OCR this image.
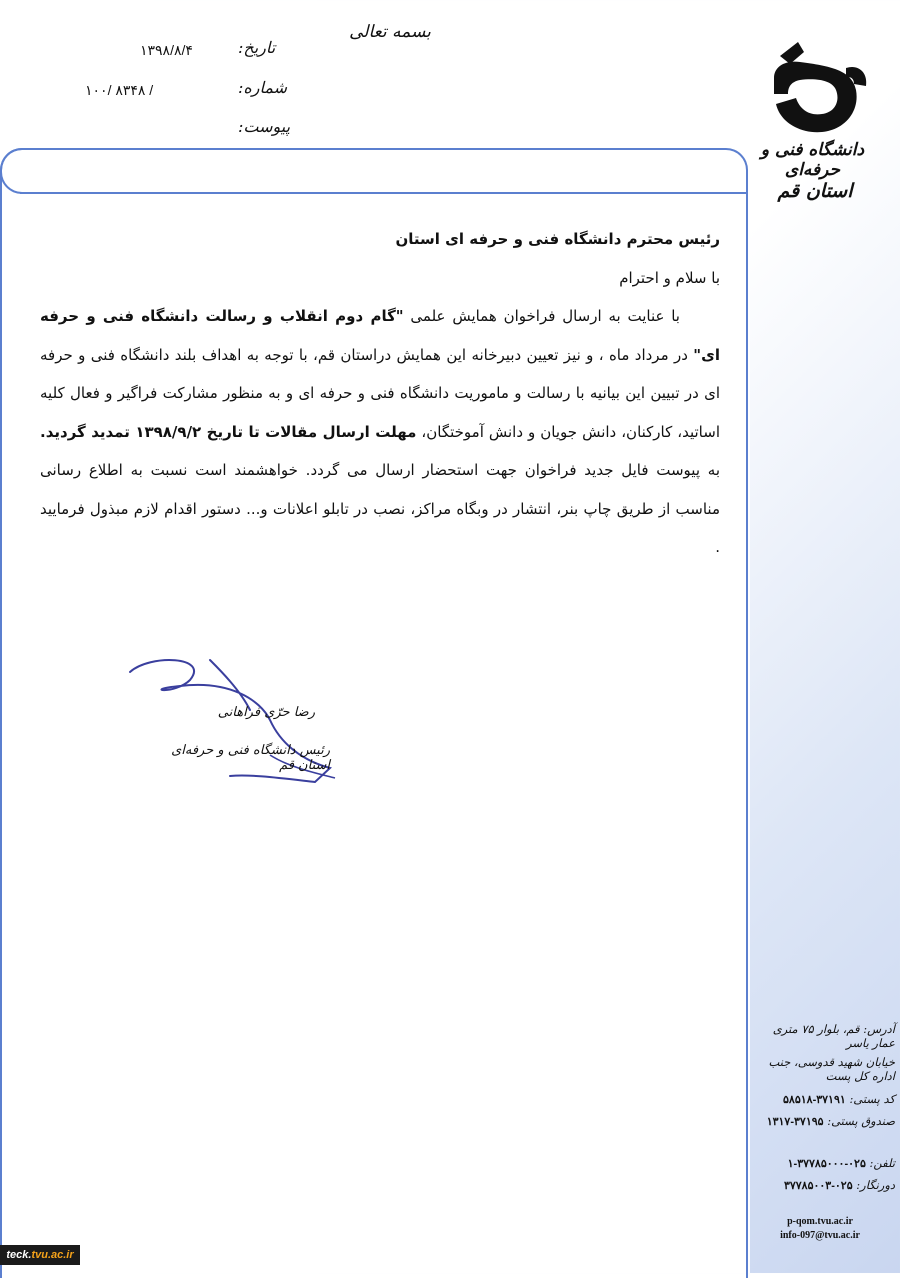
بسمه تعالی
تاریخ:
۱۳۹۸/۸/۴
شماره:
/ ۸۳۴۸ /۱۰۰
پیوست:
دانشگاه فنی و حرفه‌ای
استان قم

رئیس محترم دانشگاه فنی و حرفه ای استان

با سلام و احترام

با عنایت به ارسال فراخوان همایش علمی "گام دوم انقلاب و رسالت دانشگاه فنی و حرفه ای" در مرداد ماه ، و نیز تعیین دبیرخانه این همایش دراستان قم، با توجه به اهداف بلند دانشگاه فنی و حرفه ای در تبیین این بیانیه با رسالت و ماموریت دانشگاه فنی و حرفه ای و به منظور مشارکت فراگیر و فعال کلیه اساتید، کارکنان، دانش جویان و دانش آموختگان، مهلت ارسال مقالات تا تاریخ ۱۳۹۸/۹/۲ تمدید گردید. به پیوست فایل جدید فراخوان جهت استحضار ارسال می گردد. خواهشمند است نسبت به اطلاع رسانی مناسب از طریق چاپ بنر، انتشار در وبگاه مراکز، نصب در تابلو اعلانات و... دستور اقدام لازم مبذول فرمایید .

رضا حرّی فراهانی
رئیس دانشگاه فنی و حرفه‌ای استان قم
آدرس: قم، بلوار ۷۵ متری عمار یاسر
خیابان شهید قدوسی، جنب اداره کل پست
کد پستی: ۳۷۱۹۱-۵۸۵۱۸
صندوق پستی: ۳۷۱۹۵-۱۳۱۷
تلفن: ۰۲۵-۳۷۷۸۵۰۰۰-۱
دورنگار: ۰۲۵-۳۷۷۸۵۰۰۳
p-qom.tvu.ac.ir
info-097@tvu.ac.ir
teck.tvu.ac.ir
